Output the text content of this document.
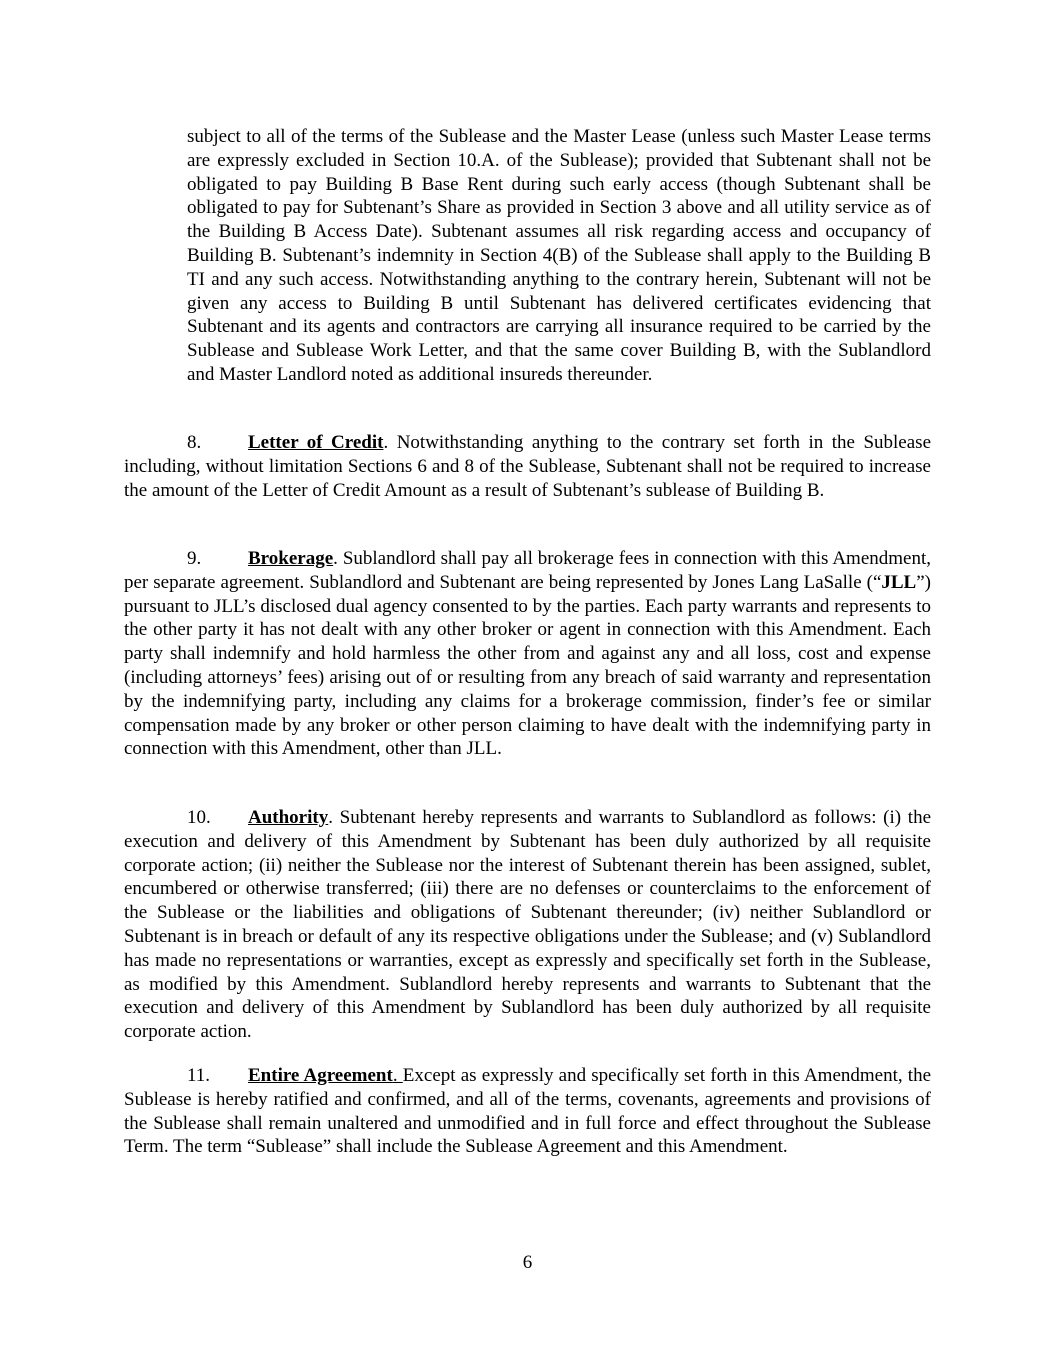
subject to all of the terms of the Sublease and the Master Lease (unless such Master Lease terms are expressly excluded in Section 10.A. of the Sublease); provided that Subtenant shall not be obligated to pay Building B Base Rent during such early access (though Subtenant shall be obligated to pay for Subtenant’s Share as provided in Section 3 above and all utility service as of the Building B Access Date). Subtenant assumes all risk regarding access and occupancy of Building B. Subtenant’s indemnity in Section 4(B) of the Sublease shall apply to the Building B TI and any such access. Notwithstanding anything to the contrary herein, Subtenant will not be given any access to Building B until Subtenant has delivered certificates evidencing that Subtenant and its agents and contractors are carrying all insurance required to be carried by the Sublease and Sublease Work Letter, and that the same cover Building B, with the Sublandlord and Master Landlord noted as additional insureds thereunder.

8. Letter of Credit. Notwithstanding anything to the contrary set forth in the Sublease including, without limitation Sections 6 and 8 of the Sublease, Subtenant shall not be required to increase the amount of the Letter of Credit Amount as a result of Subtenant’s sublease of Building B.

9. Brokerage. Sublandlord shall pay all brokerage fees in connection with this Amendment, per separate agreement. Sublandlord and Subtenant are being represented by Jones Lang LaSalle (“JLL”) pursuant to JLL’s disclosed dual agency consented to by the parties. Each party warrants and represents to the other party it has not dealt with any other broker or agent in connection with this Amendment. Each party shall indemnify and hold harmless the other from and against any and all loss, cost and expense (including attorneys’ fees) arising out of or resulting from any breach of said warranty and representation by the indemnifying party, including any claims for a brokerage commission, finder’s fee or similar compensation made by any broker or other person claiming to have dealt with the indemnifying party in connection with this Amendment, other than JLL.

10. Authority. Subtenant hereby represents and warrants to Sublandlord as follows: (i) the execution and delivery of this Amendment by Subtenant has been duly authorized by all requisite corporate action; (ii) neither the Sublease nor the interest of Subtenant therein has been assigned, sublet, encumbered or otherwise transferred; (iii) there are no defenses or counterclaims to the enforcement of the Sublease or the liabilities and obligations of Subtenant thereunder; (iv) neither Sublandlord or Subtenant is in breach or default of any its respective obligations under the Sublease; and (v) Sublandlord has made no representations or warranties, except as expressly and specifically set forth in the Sublease, as modified by this Amendment. Sublandlord hereby represents and warrants to Subtenant that the execution and delivery of this Amendment by Sublandlord has been duly authorized by all requisite corporate action.

11. Entire Agreement. Except as expressly and specifically set forth in this Amendment, the Sublease is hereby ratified and confirmed, and all of the terms, covenants, agreements and provisions of the Sublease shall remain unaltered and unmodified and in full force and effect throughout the Sublease Term. The term “Sublease” shall include the Sublease Agreement and this Amendment.

6
